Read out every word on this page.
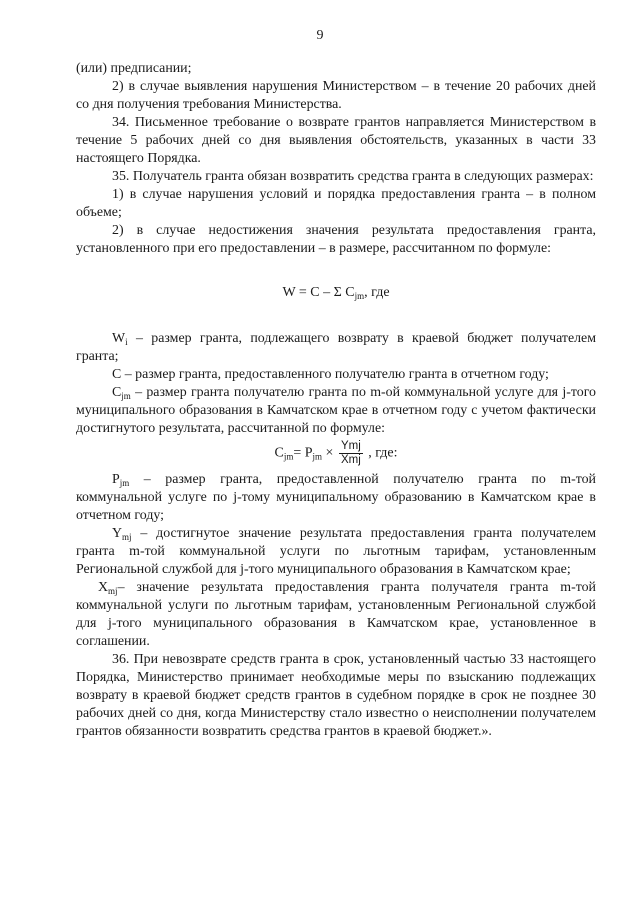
9

(или) предписании;

2) в случае выявления нарушения Министерством – в течение 20 рабочих дней со дня получения требования Министерства.

34. Письменное требование о возврате грантов направляется Министерством в течение 5 рабочих дней со дня выявления обстоятельств, указанных в части 33 настоящего Порядка.

35. Получатель гранта обязан возвратить средства гранта в следующих размерах:

1) в случае нарушения условий и порядка предоставления гранта – в полном объеме;

2) в случае недостижения значения результата предоставления гранта, установленного при его предоставлении – в размере, рассчитанном по формуле:

W = C – Σ $C_{jm}$, где

$W_i$ – размер гранта, подлежащего возврату в краевой бюджет получателем гранта;

C – размер гранта, предоставленного получателю гранта в отчетном году;

$C_{jm}$ – размер гранта получателю гранта по m-ой коммунальной услуге для j-того муниципального образования в Камчатском крае в отчетном году с учетом фактически достигнутого результата, рассчитанной по формуле:

$C_{jm}= P_{jm} \times \frac{\text{Ymj}}{\text{Xmj}}$ , где:

$P_{jm}$ – размер гранта, предоставленной получателю гранта по m-той коммунальной услуге по j-тому муниципальному образованию в Камчатском крае в отчетном году;

$Y_{mj}$ – достигнутое значение результата предоставления гранта получателем гранта m-той коммунальной услуги по льготным тарифам, установленным Региональной службой для j-того муниципального образования в Камчатском крае;

$X_{mj}-$ значение результата предоставления гранта получателя гранта m-той коммунальной услуги по льготным тарифам, установленным Региональной службой для j-того муниципального образования в Камчатском крае, установленное в соглашении.

36. При невозврате средств гранта в срок, установленный частью 33 настоящего Порядка, Министерство принимает необходимые меры по взысканию подлежащих возврату в краевой бюджет средств грантов в судебном порядке в срок не позднее 30 рабочих дней со дня, когда Министерству стало известно о неисполнении получателем грантов обязанности возвратить средства грантов в краевой бюджет.».
